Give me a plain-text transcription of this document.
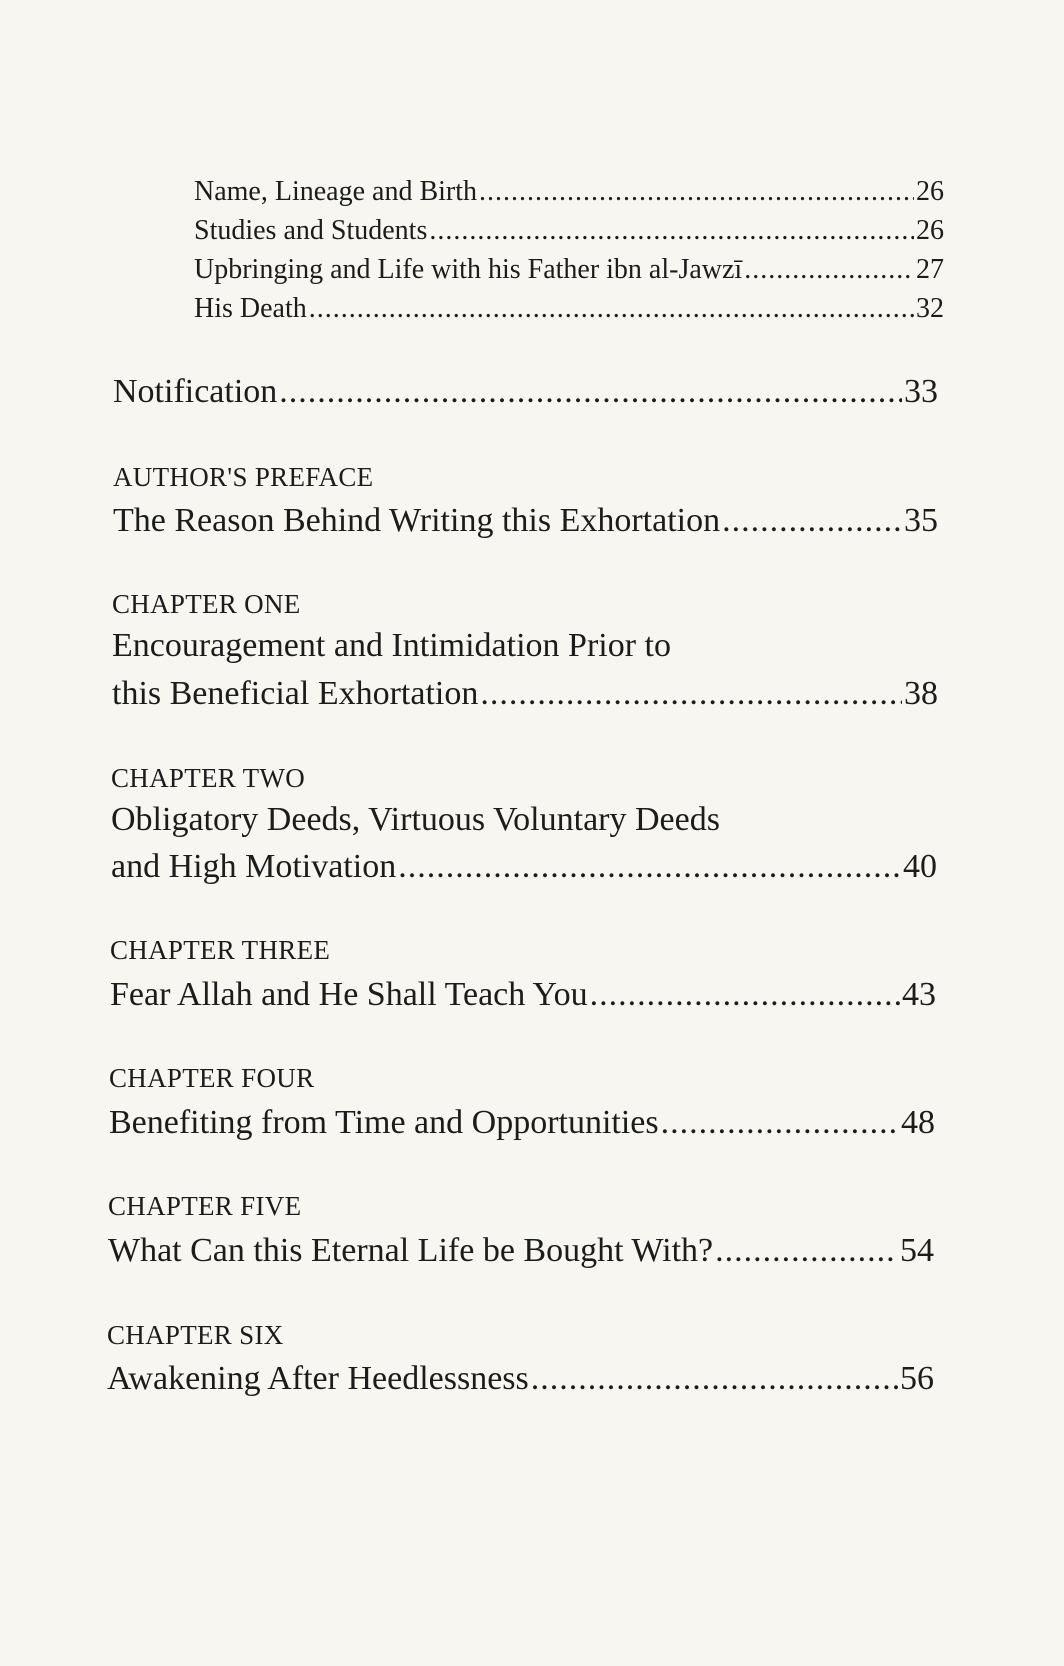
Name, Lineage and Birth .....	26
Studies and Students .....	26
Upbringing and Life with his Father ibn al-Jawzī .....	27
His Death .....	32
Notification .....	33
AUTHOR'S PREFACE
The Reason Behind Writing this Exhortation .....	35
CHAPTER ONE
Encouragement and Intimidation Prior to
this Beneficial Exhortation .....	38
CHAPTER TWO
Obligatory Deeds, Virtuous Voluntary Deeds
and High Motivation .....	40
CHAPTER THREE
Fear Allah and He Shall Teach You .....	43
CHAPTER FOUR
Benefiting from Time and Opportunities .....	48
CHAPTER FIVE
What Can this Eternal Life be Bought With? .....	54
CHAPTER SIX
Awakening After Heedlessness .....	56
